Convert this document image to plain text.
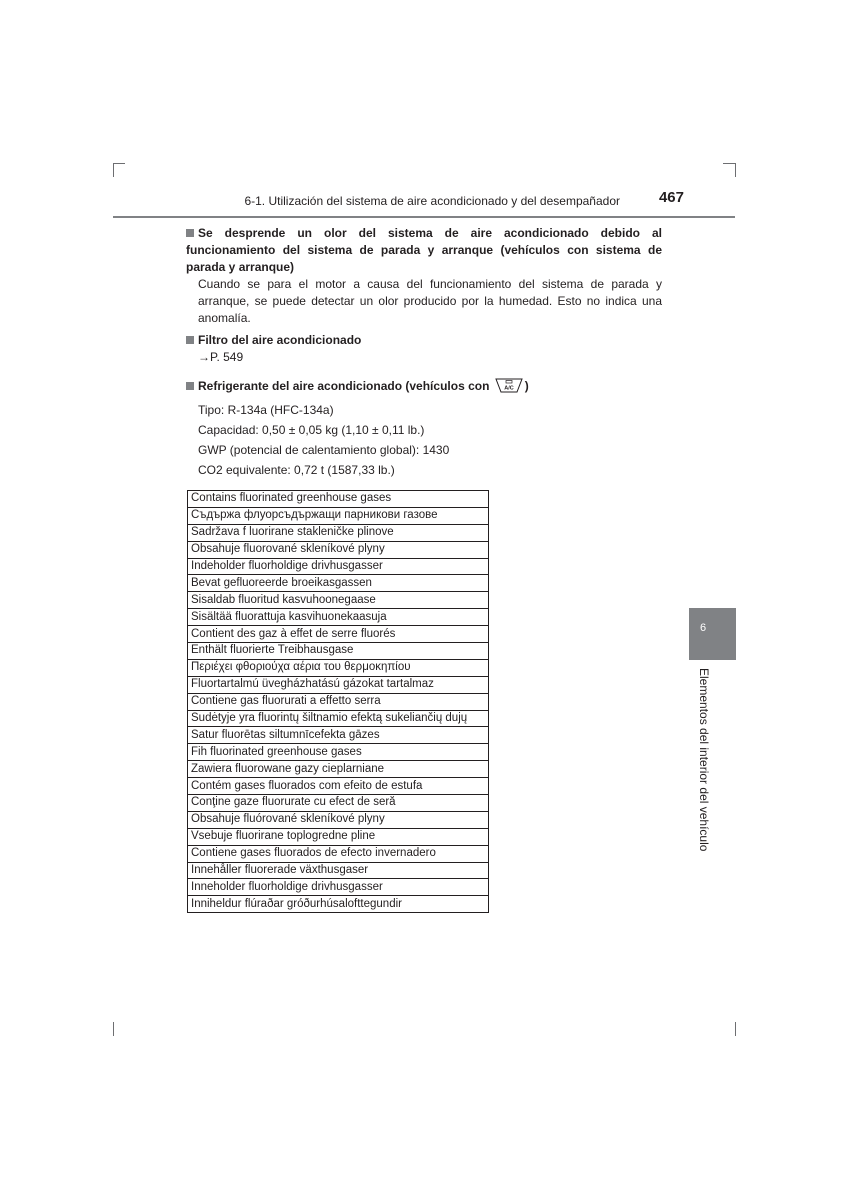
6-1. Utilización del sistema de aire acondicionado y del desempañador	467
Se desprende un olor del sistema de aire acondicionado debido al funcionamiento del sistema de parada y arranque (vehículos con sistema de parada y arranque)
Cuando se para el motor a causa del funcionamiento del sistema de parada y arranque, se puede detectar un olor producido por la humedad. Esto no indica una anomalía.
Filtro del aire acondicionado
→P. 549
Refrigerante del aire acondicionado (vehículos con	A/C )
Tipo: R-134a (HFC-134a)
Capacidad: 0,50 ± 0,05 kg (1,10 ± 0,11 lb.)
GWP (potencial de calentamiento global): 1430
CO2 equivalente: 0,72 t (1587,33 lb.)
Contains fluorinated greenhouse gases
Съдържа флуорсъдържащи парникови газове
Sadržava f luorirane stakleničke plinove
Obsahuje fluorované skleníkové plyny
Indeholder fluorholdige drivhusgasser
Bevat gefluoreerde broeikasgassen
Sisaldab fluoritud kasvuhoonegaase
Sisältää fluorattuja kasvihuonekaasuja
Contient des gaz à effet de serre fluorés
Enthält fluorierte Treibhausgase
Περιέχει φθοριούχα αέρια του θερμοκηπίου
Fluortartalmú üvegházhatású gázokat tartalmaz
Contiene gas fluorurati a effetto serra
Sudėtyje yra fluorintų šiltnamio efektą sukeliančių dujų
Satur fluorētas siltumnīcefekta gāzes
Fih fluorinated greenhouse gases
Zawiera fluorowane gazy cieplarniane
Contém gases fluorados com efeito de estufa
Conţine gaze fluorurate cu efect de seră
Obsahuje fluórované skleníkové plyny
Vsebuje fluorirane toplogredne pline
Contiene gases fluorados de efecto invernadero
Innehåller fluorerade växthusgaser
Inneholder fluorholdige drivhusgasser
Inniheldur flúraðar gróðurhúsalofttegundir
6
Elementos del interior del vehículo
